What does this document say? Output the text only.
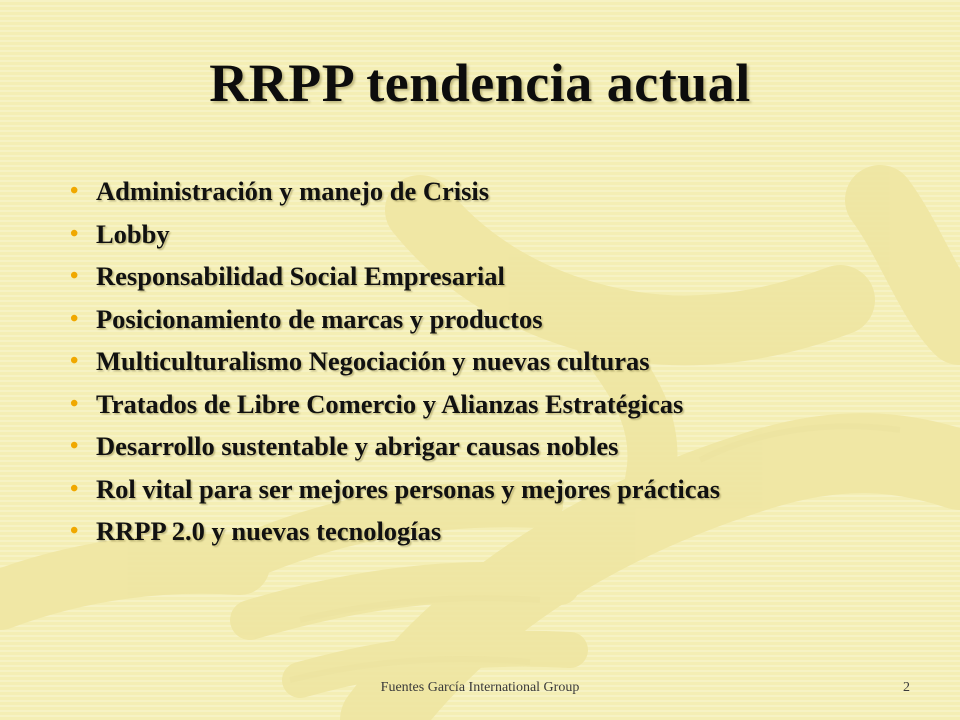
RRPP tendencia actual
• Administración y manejo de Crisis
• Lobby
• Responsabilidad Social Empresarial
• Posicionamiento de marcas y productos
• Multiculturalismo Negociación y nuevas culturas
• Tratados de Libre Comercio y Alianzas Estratégicas
• Desarrollo sustentable y abrigar causas nobles
• Rol vital para ser mejores personas y mejores prácticas
• RRPP 2.0 y nuevas tecnologías
Fuentes García International Group	2
